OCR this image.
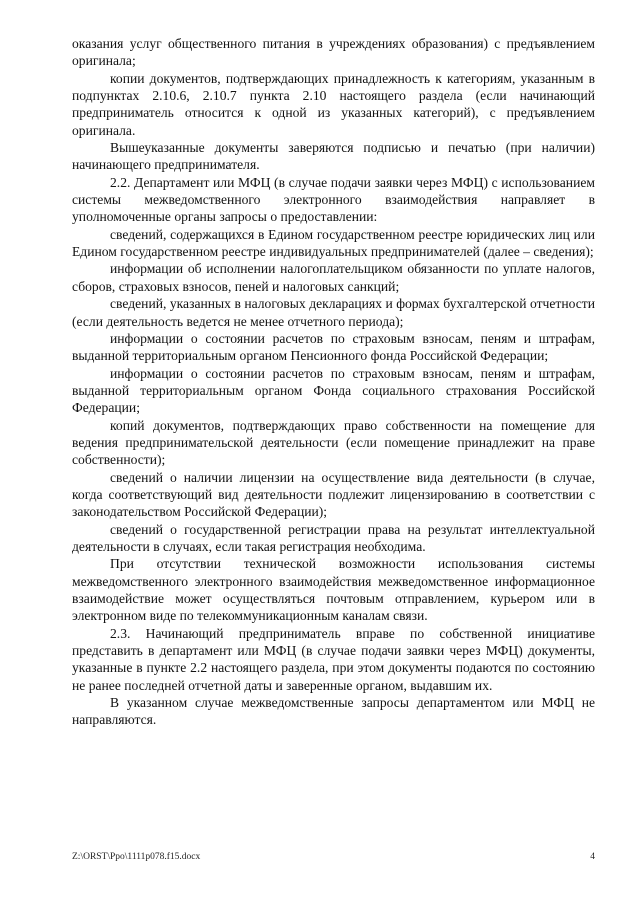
оказания услуг общественного питания в учреждениях образования) с предъявлением оригинала;

копии документов, подтверждающих принадлежность к категориям, указанным в подпунктах 2.10.6, 2.10.7 пункта 2.10 настоящего раздела (если начинающий предприниматель относится к одной из указанных категорий), с предъявлением оригинала.

Вышеуказанные документы заверяются подписью и печатью (при наличии) начинающего предпринимателя.

2.2. Департамент или МФЦ (в случае подачи заявки через МФЦ) с использованием системы межведомственного электронного взаимодействия направляет в уполномоченные органы запросы о предоставлении:

сведений, содержащихся в Едином государственном реестре юридических лиц или Едином государственном реестре индивидуальных предпринимателей (далее – сведения);

информации об исполнении налогоплательщиком обязанности по уплате налогов, сборов, страховых взносов, пеней и налоговых санкций;

сведений, указанных в налоговых декларациях и формах бухгалтерской отчетности (если деятельность ведется не менее отчетного периода);

информации о состоянии расчетов по страховым взносам, пеням и штрафам, выданной территориальным органом Пенсионного фонда Российской Федерации;

информации о состоянии расчетов по страховым взносам, пеням и штрафам, выданной территориальным органом Фонда социального страхования Российской Федерации;

копий документов, подтверждающих право собственности на помещение для ведения предпринимательской деятельности (если помещение принадлежит на праве собственности);

сведений о наличии лицензии на осуществление вида деятельности (в случае, когда соответствующий вид деятельности подлежит лицензированию в соответствии с законодательством Российской Федерации);

сведений о государственной регистрации права на результат интеллектуальной деятельности в случаях, если такая регистрация необходима.

При отсутствии технической возможности использования системы межведомственного электронного взаимодействия межведомственное информационное взаимодействие может осуществляться почтовым отправлением, курьером или в электронном виде по телекоммуникационным каналам связи.

2.3. Начинающий предприниматель вправе по собственной инициативе представить в департамент или МФЦ (в случае подачи заявки через МФЦ) документы, указанные в пункте 2.2 настоящего раздела, при этом документы подаются по состоянию не ранее последней отчетной даты и заверенные органом, выдавшим их.

В указанном случае межведомственные запросы департаментом или МФЦ не направляются.

Z:\ORST\Ppo\1111p078.f15.docx	4
